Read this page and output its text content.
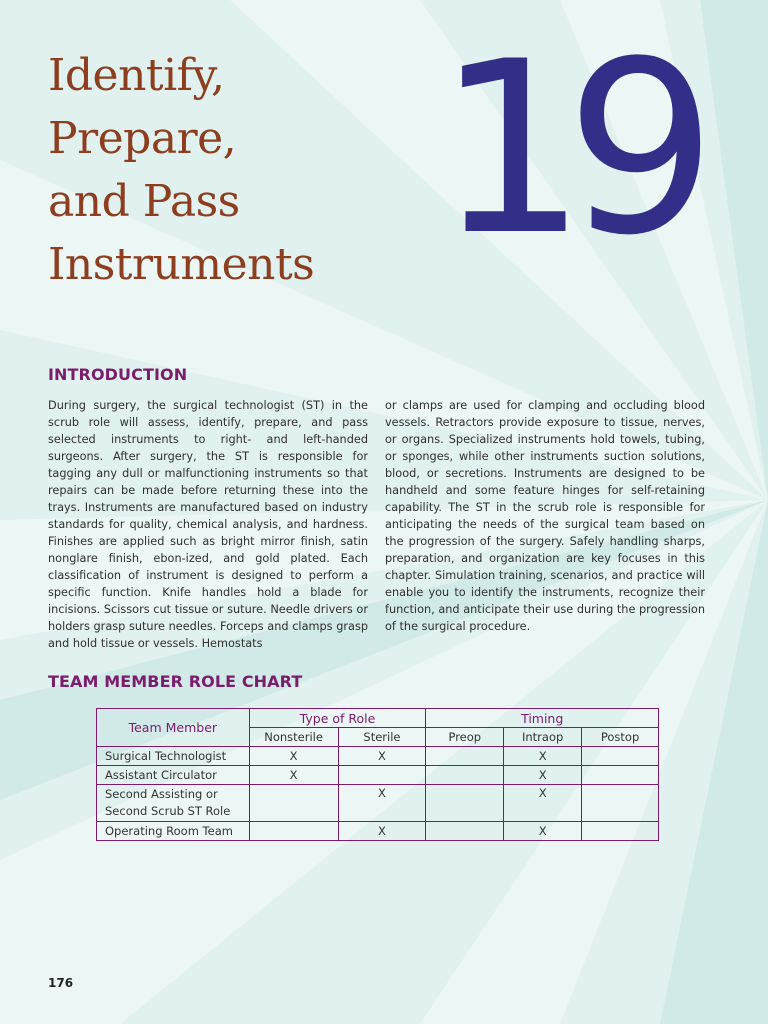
Identify,
Prepare,
and Pass
Instruments 19
INTRODUCTION

During surgery, the surgical technologist (ST) in the scrub role will assess, identify, prepare, and pass selected instruments to right- and left-handed surgeons. After surgery, the ST is responsible for tagging any dull or malfunctioning instruments so that repairs can be made before returning these into the trays. Instruments are manufactured based on industry standards for quality, chemical analysis, and hardness. Finishes are applied such as bright mirror finish, satin nonglare finish, ebon-ized, and gold plated. Each classification of instrument is designed to perform a specific function. Knife handles hold a blade for incisions. Scissors cut tissue or suture. Needle drivers or holders grasp suture needles. Forceps and clamps grasp and hold tissue or vessels. Hemostats

or clamps are used for clamping and occluding blood vessels. Retractors provide exposure to tissue, nerves, or organs. Specialized instruments hold towels, tubing, or sponges, while other instruments suction solutions, blood, or secretions. Instruments are designed to be handheld and some feature hinges for self-retaining capability. The ST in the scrub role is responsible for anticipating the needs of the surgical team based on the progression of the surgery. Safely handling sharps, preparation, and organization are key focuses in this chapter. Simulation training, scenarios, and practice will enable you to identify the instruments, recognize their function, and anticipate their use during the progression of the surgical procedure.

TEAM MEMBER ROLE CHART
Team Member	Type of Role		Timing		
	Nonsterile	Sterile	Preop	Intraop	Postop
Surgical Technologist	X	X		X	
Assistant Circulator	X			X	
Second Assisting or
Second Scrub ST Role		X		X	
Operating Room Team		X		X	
176
